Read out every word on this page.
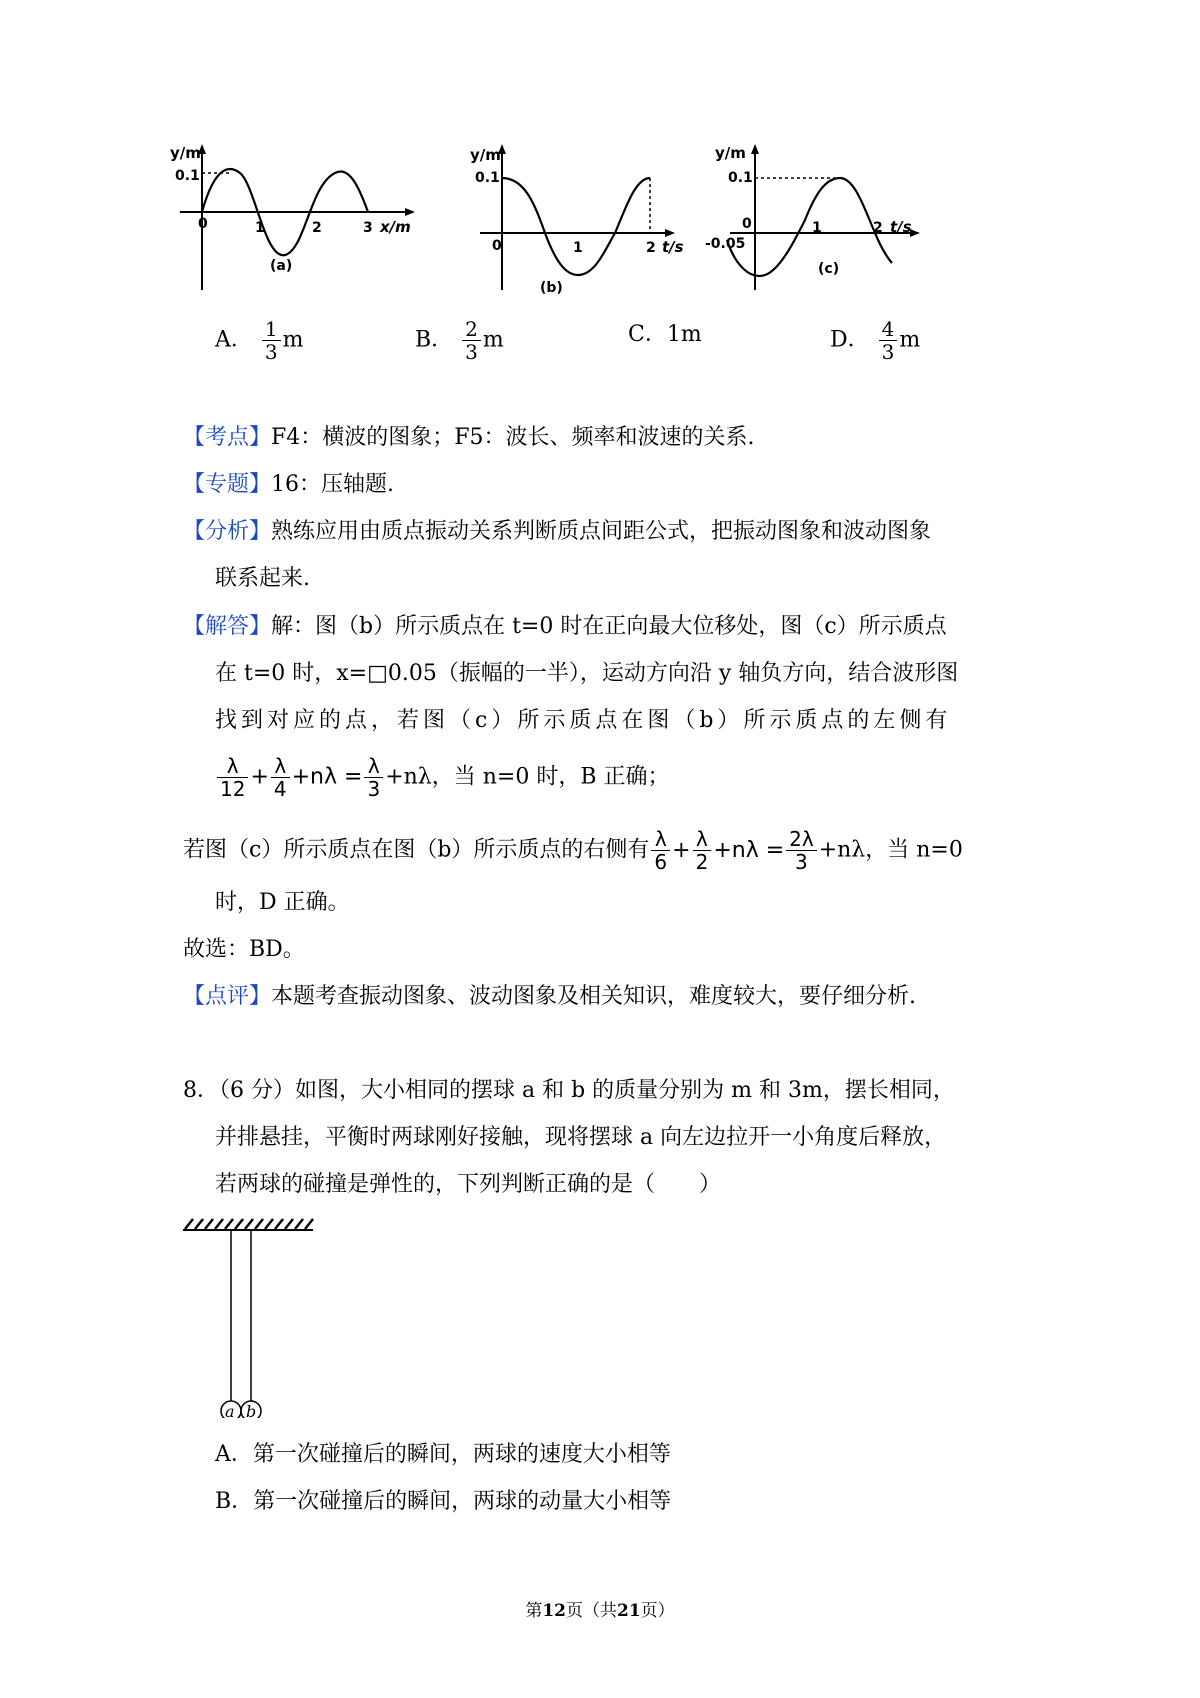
y/m
0.1
0	1	2	3 x/m
(a)
y/m
0.1
0	1	2 t/s
(b)
y/m
0.1
0
-0.05
1	2 t/s
(c)
A． $\frac{1}{3}$ m	B． $\frac{2}{3}$ m	C．1m	D． $\frac{4}{3}$ m
【考点】F4：横波的图象；F5：波长、频率和波速的关系.
【专题】16：压轴题.
【分析】熟练应用由质点振动关系判断质点间距公式，把振动图象和波动图象
联系起来.
【解答】解：图（b）所示质点在 t=0 时在正向最大位移处，图（c）所示质点
在 t=0 时，x=□0.05（振幅的一半），运动方向沿 y 轴负方向，结合波形图
找到对应的点，若图（c）所示质点在图（b）所示质点的左侧有
$\frac{\lambda}{12} + \frac{\lambda}{4} +n\lambda = \frac{\lambda}{3} +n\lambda$，当 n=0 时，B 正确；
若图（c）所示质点在图（b）所示质点的右侧有 $\frac{\lambda}{6} + \frac{\lambda}{2} +n\lambda = \frac{2\lambda}{3} +n\lambda$，当 n=0
时，D 正确。
故选：BD。
【点评】本题考查振动图象、波动图象及相关知识，难度较大，要仔细分析.
8．（6 分）如图，大小相同的摆球 a 和 b 的质量分别为 m 和 3m，摆长相同，
并排悬挂，平衡时两球刚好接触，现将摆球 a 向左边拉开一小角度后释放，
若两球的碰撞是弹性的，下列判断正确的是（　　）
a b
A．第一次碰撞后的瞬间，两球的速度大小相等
B．第一次碰撞后的瞬间，两球的动量大小相等
第12页（共21页）
